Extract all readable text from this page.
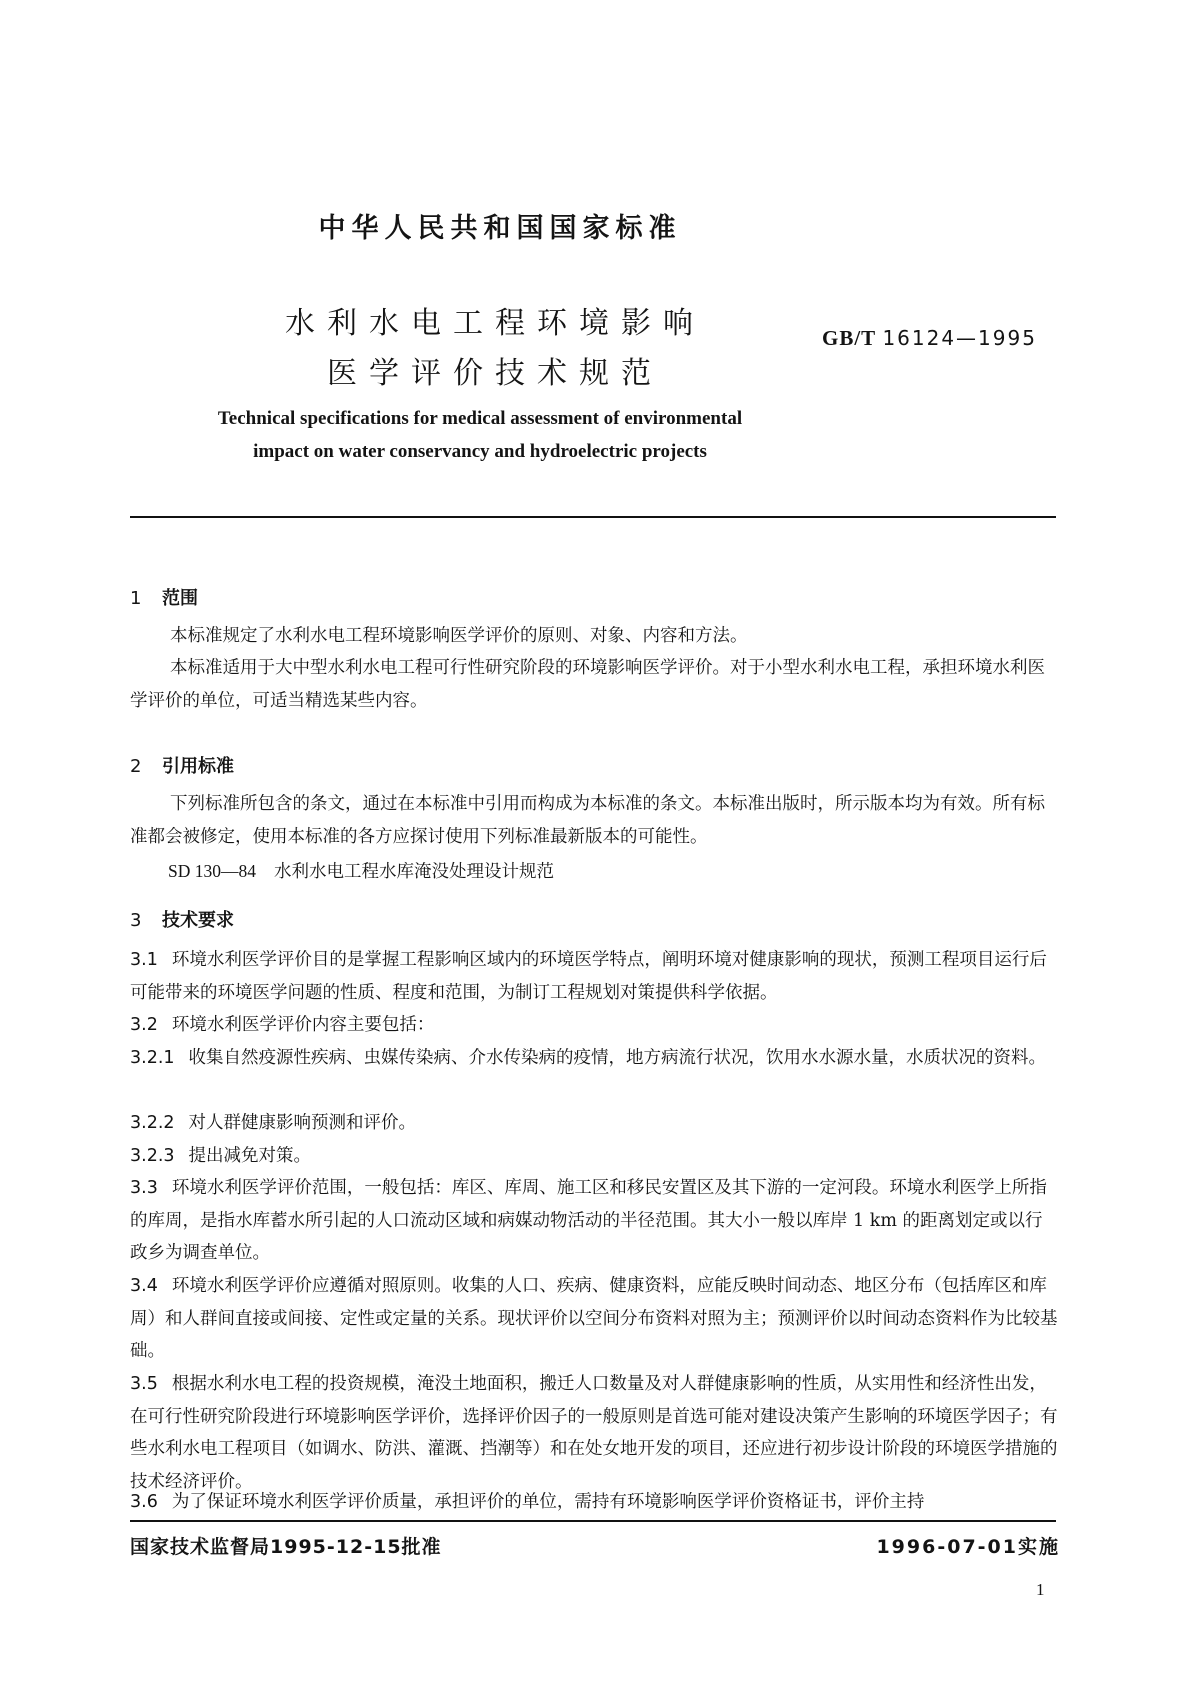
中华人民共和国国家标准
水利水电工程环境影响
医学评价技术规范
GB/T 16124—1995
Technical specifications for medical assessment of environmental
impact on water conservancy and hydroelectric projects
1 范围
本标准规定了水利水电工程环境影响医学评价的原则、对象、内容和方法。
本标准适用于大中型水利水电工程可行性研究阶段的环境影响医学评价。对于小型水利水电工程，承担环境水利医学评价的单位，可适当精选某些内容。
2 引用标准
下列标准所包含的条文，通过在本标准中引用而构成为本标准的条文。本标准出版时，所示版本均为有效。所有标准都会被修定，使用本标准的各方应探讨使用下列标准最新版本的可能性。
SD 130—84 水利水电工程水库淹没处理设计规范
3 技术要求
3.1 环境水利医学评价目的是掌握工程影响区域内的环境医学特点，阐明环境对健康影响的现状，预测工程项目运行后可能带来的环境医学问题的性质、程度和范围，为制订工程规划对策提供科学依据。
3.2 环境水利医学评价内容主要包括：
3.2.1 收集自然疫源性疾病、虫媒传染病、介水传染病的疫情，地方病流行状况，饮用水水源水量，水质状况的资料。
3.2.2 对人群健康影响预测和评价。
3.2.3 提出减免对策。
3.3 环境水利医学评价范围，一般包括：库区、库周、施工区和移民安置区及其下游的一定河段。环境水利医学上所指的库周，是指水库蓄水所引起的人口流动区域和病媒动物活动的半径范围。其大小一般以库岸 1 km 的距离划定或以行政乡为调查单位。
3.4 环境水利医学评价应遵循对照原则。收集的人口、疾病、健康资料，应能反映时间动态、地区分布（包括库区和库周）和人群间直接或间接、定性或定量的关系。现状评价以空间分布资料对照为主；预测评价以时间动态资料作为比较基础。
3.5 根据水利水电工程的投资规模，淹没土地面积，搬迁人口数量及对人群健康影响的性质，从实用性和经济性出发，在可行性研究阶段进行环境影响医学评价，选择评价因子的一般原则是首选可能对建设决策产生影响的环境医学因子；有些水利水电工程项目（如调水、防洪、灌溉、挡潮等）和在处女地开发的项目，还应进行初步设计阶段的环境医学措施的技术经济评价。
3.6 为了保证环境水利医学评价质量，承担评价的单位，需持有环境影响医学评价资格证书，评价主持
国家技术监督局1995-12-15批准	1996-07-01实施
1
